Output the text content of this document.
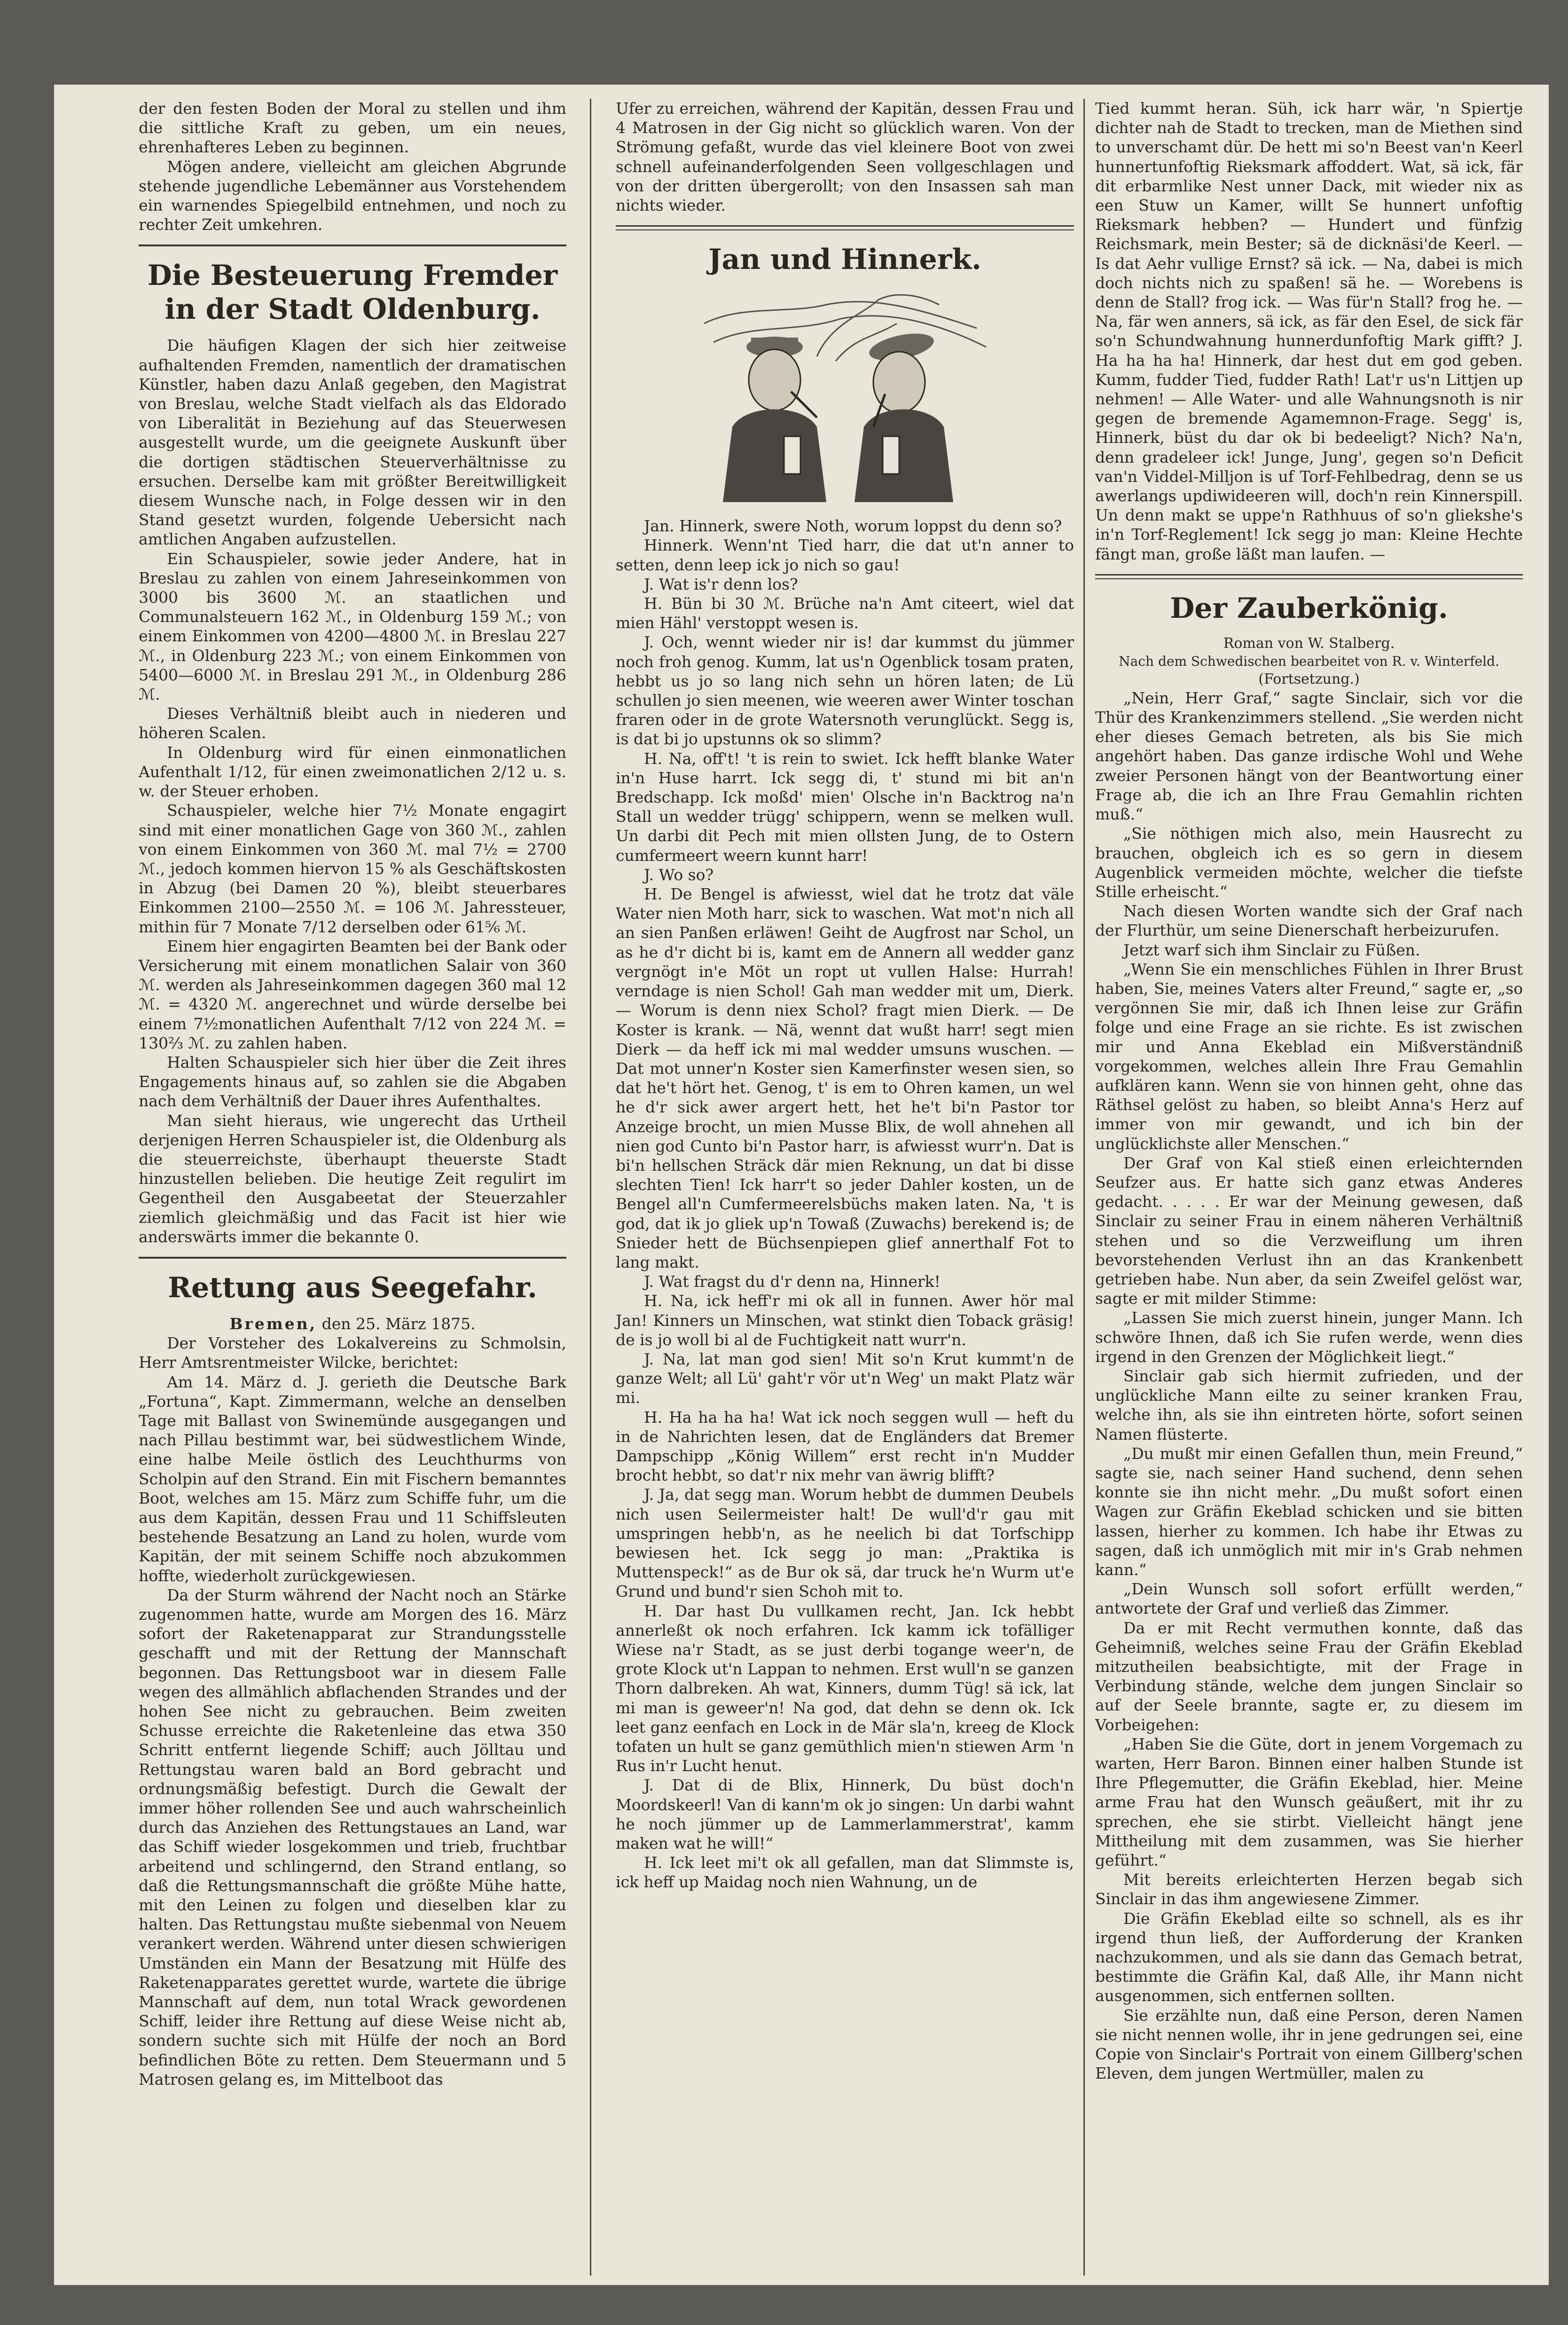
der den festen Boden der Moral zu stellen und ihm die sittliche Kraft zu geben, um ein neues, ehrenhafteres Leben zu beginnen.

Mögen andere, vielleicht am gleichen Abgrunde stehende jugendliche Lebemänner aus Vorstehendem ein warnendes Spiegelbild entnehmen, und noch zu rechter Zeit umkehren.

Die Besteuerung Fremder in der Stadt Oldenburg.

Die häufigen Klagen der sich hier zeitweise aufhaltenden Fremden, namentlich der dramatischen Künstler, haben dazu Anlaß gegeben, den Magistrat von Breslau, welche Stadt vielfach als das Eldorado von Liberalität in Beziehung auf das Steuerwesen ausgestellt wurde, um die geeignete Auskunft über die dortigen städtischen Steuerverhältnisse zu ersuchen. Derselbe kam mit größter Bereitwilligkeit diesem Wunsche nach, in Folge dessen wir in den Stand gesetzt wurden, folgende Uebersicht nach amtlichen Angaben aufzustellen.

Ein Schauspieler, sowie jeder Andere, hat in Breslau zu zahlen von einem Jahreseinkommen von 3000 bis 3600 ℳ. an staatlichen und Communalsteuern 162 ℳ., in Oldenburg 159 ℳ.; von einem Einkommen von 4200—4800 ℳ. in Breslau 227 ℳ., in Oldenburg 223 ℳ.; von einem Einkommen von 5400—6000 ℳ. in Breslau 291 ℳ., in Oldenburg 286 ℳ.

Dieses Verhältniß bleibt auch in niederen und höheren Scalen.

In Oldenburg wird für einen einmonatlichen Aufenthalt 1/12, für einen zweimonatlichen 2/12 u. s. w. der Steuer erhoben.

Schauspieler, welche hier 7½ Monate engagirt sind mit einer monatlichen Gage von 360 ℳ., zahlen von einem Einkommen von 360 ℳ. mal 7½ = 2700 ℳ., jedoch kommen hiervon 15 % als Geschäftskosten in Abzug (bei Damen 20 %), bleibt steuerbares Einkommen 2100—2550 ℳ. = 106 ℳ. Jahressteuer, mithin für 7 Monate 7/12 derselben oder 61⅚ ℳ.

Einem hier engagirten Beamten bei der Bank oder Versicherung mit einem monatlichen Salair von 360 ℳ. werden als Jahreseinkommen dagegen 360 mal 12 ℳ. = 4320 ℳ. angerechnet und würde derselbe bei einem 7½monatlichen Aufenthalt 7/12 von 224 ℳ. = 130⅔ ℳ. zu zahlen haben.

Halten Schauspieler sich hier über die Zeit ihres Engagements hinaus auf, so zahlen sie die Abgaben nach dem Verhältniß der Dauer ihres Aufenthaltes.

Man sieht hieraus, wie ungerecht das Urtheil derjenigen Herren Schauspieler ist, die Oldenburg als die steuerreichste, überhaupt theuerste Stadt hinzustellen belieben. Die heutige Zeit regulirt im Gegentheil den Ausgabeetat der Steuerzahler ziemlich gleichmäßig und das Facit ist hier wie anderswärts immer die bekannte 0.

Rettung aus Seegefahr.

Bremen, den 25. März 1875.

Der Vorsteher des Lokalvereins zu Schmolsin, Herr Amtsrentmeister Wilcke, berichtet:

Am 14. März d. J. gerieth die Deutsche Bark „Fortuna“, Kapt. Zimmermann, welche an denselben Tage mit Ballast von Swinemünde ausgegangen und nach Pillau bestimmt war, bei südwestlichem Winde, eine halbe Meile östlich des Leuchthurms von Scholpin auf den Strand. Ein mit Fischern bemanntes Boot, welches am 15. März zum Schiffe fuhr, um die aus dem Kapitän, dessen Frau und 11 Schiffsleuten bestehende Besatzung an Land zu holen, wurde vom Kapitän, der mit seinem Schiffe noch abzukommen hoffte, wiederholt zurückgewiesen.

Da der Sturm während der Nacht noch an Stärke zugenommen hatte, wurde am Morgen des 16. März sofort der Raketenapparat zur Strandungsstelle geschafft und mit der Rettung der Mannschaft begonnen. Das Rettungsboot war in diesem Falle wegen des allmählich abflachenden Strandes und der hohen See nicht zu gebrauchen. Beim zweiten Schusse erreichte die Raketenleine das etwa 350 Schritt entfernt liegende Schiff; auch Jölltau und Rettungstau waren bald an Bord gebracht und ordnungsmäßig befestigt. Durch die Gewalt der immer höher rollenden See und auch wahrscheinlich durch das Anziehen des Rettungstaues an Land, war das Schiff wieder losgekommen und trieb, fruchtbar arbeitend und schlingernd, den Strand entlang, so daß die Rettungsmannschaft die größte Mühe hatte, mit den Leinen zu folgen und dieselben klar zu halten. Das Rettungstau mußte siebenmal von Neuem verankert werden. Während unter diesen schwierigen Umständen ein Mann der Besatzung mit Hülfe des Raketenapparates gerettet wurde, wartete die übrige Mannschaft auf dem, nun total Wrack gewordenen Schiff, leider ihre Rettung auf diese Weise nicht ab, sondern suchte sich mit Hülfe der noch an Bord befindlichen Böte zu retten. Dem Steuermann und 5 Matrosen gelang es, im Mittelboot das

Ufer zu erreichen, während der Kapitän, dessen Frau und 4 Matrosen in der Gig nicht so glücklich waren. Von der Strömung gefaßt, wurde das viel kleinere Boot von zwei schnell aufeinanderfolgenden Seen vollgeschlagen und von der dritten übergerollt; von den Insassen sah man nichts wieder.

Jan und Hinnerk.

Jan. Hinnerk, swere Noth, worum loppst du denn so?

Hinnerk. Wenn'nt Tied harr, die dat ut'n anner to setten, denn leep ick jo nich so gau!

J. Wat is'r denn los?

H. Bün bi 30 ℳ. Brüche na'n Amt citeert, wiel dat mien Hähl' verstoppt wesen is.

J. Och, wennt wieder nir is! dar kummst du jümmer noch froh genog. Kumm, lat us'n Ogenblick tosam praten, hebbt us jo so lang nich sehn un hören laten; de Lü schullen jo sien meenen, wie weeren awer Winter toschan fraren oder in de grote Watersnoth verunglückt. Segg is, is dat bi jo upstunns ok so slimm?

H. Na, off't! 't is rein to swiet. Ick hefft blanke Water in'n Huse harrt. Ick segg di, t' stund mi bit an'n Bredschapp. Ick moßd' mien' Olsche in'n Backtrog na'n Stall un wedder trügg' schippern, wenn se melken wull. Un darbi dit Pech mit mien ollsten Jung, de to Ostern cumfermeert weern kunnt harr!

J. Wo so?

H. De Bengel is afwiesst, wiel dat he trotz dat väle Water nien Moth harr, sick to waschen. Wat mot'n nich all an sien Panßen erläwen! Geiht de Augfrost nar Schol, un as he d'r dicht bi is, kamt em de Annern all wedder ganz vergnögt in'e Möt un ropt ut vullen Halse: Hurrah! verndage is nien Schol! Gah man wedder mit um, Dierk. — Worum is denn niex Schol? fragt mien Dierk. — De Koster is krank. — Nä, wennt dat wußt harr! segt mien Dierk — da heff ick mi mal wedder umsuns wuschen. — Dat mot unner'n Koster sien Kamerfinster wesen sien, so dat he't hört het. Genog, t' is em to Ohren kamen, un wel he d'r sick awer argert hett, het he't bi'n Pastor tor Anzeige brocht, un mien Musse Blix, de woll ahnehen all nien god Cunto bi'n Pastor harr, is afwiesst wurr'n. Dat is bi'n hellschen Sträck där mien Reknung, un dat bi disse slechten Tien! Ick harr't so jeder Dahler kosten, un de Bengel all'n Cumfermeerelsbüchs maken laten. Na, 't is god, dat ik jo gliek up'n Towaß (Zuwachs) berekend is; de Snieder hett de Büchsenpiepen glief annerthalf Fot to lang makt.

J. Wat fragst du d'r denn na, Hinnerk!

H. Na, ick heff'r mi ok all in funnen. Awer hör mal Jan! Kinners un Minschen, wat stinkt dien Toback gräsig! de is jo woll bi al de Fuchtigkeit natt wurr'n.

J. Na, lat man god sien! Mit so'n Krut kummt'n de ganze Welt; all Lü' gaht'r vör ut'n Weg' un makt Platz wär mi.

H. Ha ha ha ha! Wat ick noch seggen wull — heft du in de Nahrichten lesen, dat de Engländers dat Bremer Dampschipp „König Willem“ erst recht in'n Mudder brocht hebbt, so dat'r nix mehr van äwrig blifft?

J. Ja, dat segg man. Worum hebbt de dummen Deubels nich usen Seilermeister halt! De wull'd'r gau mit umspringen hebb'n, as he neelich bi dat Torfschipp bewiesen het. Ick segg jo man: „Praktika is Muttenspeck!“ as de Bur ok sä, dar truck he'n Wurm ut'e Grund und bund'r sien Schoh mit to.

H. Dar hast Du vullkamen recht, Jan. Ick hebbt annerleßt ok noch erfahren. Ick kamm ick tofälliger Wiese na'r Stadt, as se just derbi togange weer'n, de grote Klock ut'n Lappan to nehmen. Erst wull'n se ganzen Thorn dalbreken. Ah wat, Kinners, dumm Tüg! sä ick, lat mi man is geweer'n! Na god, dat dehn se denn ok. Ick leet ganz eenfach en Lock in de Mär sla'n, kreeg de Klock tofaten un hult se ganz gemüthlich mien'n stiewen Arm 'n Rus in'r Lucht henut.

J. Dat di de Blix, Hinnerk, Du büst doch'n Moordskeerl! Van di kann'm ok jo singen: Un darbi wahnt he noch jümmer up de Lammerlammerstrat', kamm maken wat he will!“

H. Ick leet mi't ok all gefallen, man dat Slimmste is, ick heff up Maidag noch nien Wahnung, un de

Tied kummt heran. Süh, ick harr wär, 'n Spiertje dichter nah de Stadt to trecken, man de Miethen sind to unverschamt dür. De hett mi so'n Beest van'n Keerl hunnertunfoftig Rieksmark affoddert. Wat, sä ick, fär dit erbarmlike Nest unner Dack, mit wieder nix as een Stuw un Kamer, willt Se hunnert unfoftig Rieksmark hebben? — Hundert und fünfzig Reichsmark, mein Bester; sä de dicknäsi'de Keerl. — Is dat Aehr vullige Ernst? sä ick. — Na, dabei is mich doch nichts nich zu spaßen! sä he. — Worebens is denn de Stall? frog ick. — Was für'n Stall? frog he. — Na, fär wen anners, sä ick, as fär den Esel, de sick fär so'n Schundwahnung hunnerdunfoftig Mark gifft? J. Ha ha ha ha! Hinnerk, dar hest dut em god geben. Kumm, fudder Tied, fudder Rath! Lat'r us'n Littjen up nehmen! — Alle Water- und alle Wahnungsnoth is nir gegen de bremende Agamemnon-Frage. Segg' is, Hinnerk, büst du dar ok bi bedeeligt? Nich? Na'n, denn gradeleer ick! Junge, Jung', gegen so'n Deficit van'n Viddel-Milljon is uf Torf-Fehlbedrag, denn se us awerlangs updiwideeren will, doch'n rein Kinnerspill. Un denn makt se uppe'n Rathhuus of so'n gliekshe's in'n Torf-Reglement! Ick segg jo man: Kleine Hechte fängt man, große läßt man laufen. —

Der Zauberkönig.

Roman von W. Stalberg.

Nach dem Schwedischen bearbeitet von R. v. Winterfeld.

(Fortsetzung.)

„Nein, Herr Graf,“ sagte Sinclair, sich vor die Thür des Krankenzimmers stellend. „Sie werden nicht eher dieses Gemach betreten, als bis Sie mich angehört haben. Das ganze irdische Wohl und Wehe zweier Personen hängt von der Beantwortung einer Frage ab, die ich an Ihre Frau Gemahlin richten muß.“

„Sie nöthigen mich also, mein Hausrecht zu brauchen, obgleich ich es so gern in diesem Augenblick vermeiden möchte, welcher die tiefste Stille erheischt.“

Nach diesen Worten wandte sich der Graf nach der Flurthür, um seine Dienerschaft herbeizurufen.

Jetzt warf sich ihm Sinclair zu Füßen.

„Wenn Sie ein menschliches Fühlen in Ihrer Brust haben, Sie, meines Vaters alter Freund,“ sagte er, „so vergönnen Sie mir, daß ich Ihnen leise zur Gräfin folge und eine Frage an sie richte. Es ist zwischen mir und Anna Ekeblad ein Mißverständniß vorgekommen, welches allein Ihre Frau Gemahlin aufklären kann. Wenn sie von hinnen geht, ohne das Räthsel gelöst zu haben, so bleibt Anna's Herz auf immer von mir gewandt, und ich bin der unglücklichste aller Menschen.“

Der Graf von Kal stieß einen erleichternden Seufzer aus. Er hatte sich ganz etwas Anderes gedacht. . . . . Er war der Meinung gewesen, daß Sinclair zu seiner Frau in einem näheren Verhältniß stehen und so die Verzweiflung um ihren bevorstehenden Verlust ihn an das Krankenbett getrieben habe. Nun aber, da sein Zweifel gelöst war, sagte er mit milder Stimme:

„Lassen Sie mich zuerst hinein, junger Mann. Ich schwöre Ihnen, daß ich Sie rufen werde, wenn dies irgend in den Grenzen der Möglichkeit liegt.“

Sinclair gab sich hiermit zufrieden, und der unglückliche Mann eilte zu seiner kranken Frau, welche ihn, als sie ihn eintreten hörte, sofort seinen Namen flüsterte.

„Du mußt mir einen Gefallen thun, mein Freund,“ sagte sie, nach seiner Hand suchend, denn sehen konnte sie ihn nicht mehr. „Du mußt sofort einen Wagen zur Gräfin Ekeblad schicken und sie bitten lassen, hierher zu kommen. Ich habe ihr Etwas zu sagen, daß ich unmöglich mit mir in's Grab nehmen kann.“

„Dein Wunsch soll sofort erfüllt werden,“ antwortete der Graf und verließ das Zimmer.

Da er mit Recht vermuthen konnte, daß das Geheimniß, welches seine Frau der Gräfin Ekeblad mitzutheilen beabsichtigte, mit der Frage in Verbindung stände, welche dem jungen Sinclair so auf der Seele brannte, sagte er, zu diesem im Vorbeigehen:

„Haben Sie die Güte, dort in jenem Vorgemach zu warten, Herr Baron. Binnen einer halben Stunde ist Ihre Pflegemutter, die Gräfin Ekeblad, hier. Meine arme Frau hat den Wunsch geäußert, mit ihr zu sprechen, ehe sie stirbt. Vielleicht hängt jene Mittheilung mit dem zusammen, was Sie hierher geführt.“

Mit bereits erleichterten Herzen begab sich Sinclair in das ihm angewiesene Zimmer.

Die Gräfin Ekeblad eilte so schnell, als es ihr irgend thun ließ, der Aufforderung der Kranken nachzukommen, und als sie dann das Gemach betrat, bestimmte die Gräfin Kal, daß Alle, ihr Mann nicht ausgenommen, sich entfernen sollten.

Sie erzählte nun, daß eine Person, deren Namen sie nicht nennen wolle, ihr in jene gedrungen sei, eine Copie von Sinclair's Portrait von einem Gillberg'schen Eleven, dem jungen Wertmüller, malen zu
